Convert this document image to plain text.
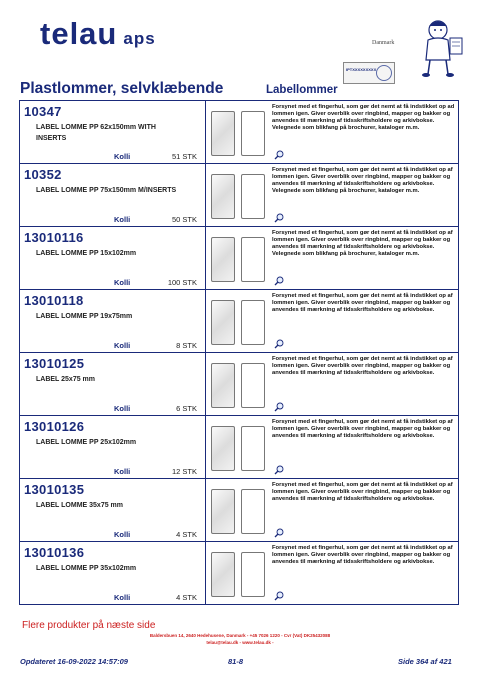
telau aps	Danmark
IPTXXXXXXXXX
Plastlommer, selvklæbende	Labellommer
10347
LABEL LOMME PP 62x150mm WITH INSERTS
Kolli	51 STK
Forsynet med et fingerhul, som gør det nemt at få indstikket op ad lommen igen. Giver overblik over ringbind, mapper og bakker og anvendes til mærkning af tidsskriftsholdere og arkivbokse. Velegnede som blikfang på brochurer, kataloger m.m.
10352
LABEL LOMME PP 75x150mm M/INSERTS
Kolli	50 STK
Forsynet med et fingerhul, som gør det nemt at få indstikket op af lommen igen. Giver overblik over ringbind, mapper og bakker og anvendes til mærkning af tidsskriftsholdere og arkivbokse. Velegnede som blikfang på brochurer, kataloger m.m.
13010116
LABEL LOMME PP 15x102mm
Kolli	100 STK
Forsynet med et fingerhul, som gør det nemt at få indstikket op af lommen igen. Giver overblik over ringbind, mapper og bakker og anvendes til mærkning af tidsskriftsholdere og arkivbokse. Velegnede som blikfang på brochurer, kataloger m.m.
13010118
LABEL LOMME PP 19x75mm
Kolli	8 STK
Forsynet med et fingerhul, som gør det nemt at få indstikket op af lommen igen. Giver overblik over ringbind, mapper og bakker og anvendes til mærkning af tidsskriftsholdere og arkivbokse.
13010125
LABEL 25x75 mm
Kolli	6 STK
Forsynet med et fingerhul, som gør det nemt at få indstikket op af lommen igen. Giver overblik over ringbind, mapper og bakker og anvendes til mærkning af tidsskriftsholdere og arkivbokse.
13010126
LABEL LOMME PP 25x102mm
Kolli	12 STK
Forsynet med et fingerhul, som gør det nemt at få indstikket op af lommen igen. Giver overblik over ringbind, mapper og bakker og anvendes til mærkning af tidsskriftsholdere og arkivbokse.
13010135
LABEL LOMME 35x75 mm
Kolli	4 STK
Forsynet med et fingerhul, som gør det nemt at få indstikket op af lommen igen. Giver overblik over ringbind, mapper og bakker og anvendes til mærkning af tidsskriftsholdere og arkivbokse.
13010136
LABEL LOMME PP 35x102mm
Kolli	4 STK
Forsynet med et fingerhul, som gør det nemt at få indstikket op af lommen igen. Giver overblik over ringbind, mapper og bakker og anvendes til mærkning af tidsskriftsholdere og arkivbokse.
Flere produkter på næste side
Baldersbuen 14, 2640 Hedehusene, Danmark - +45 7026 1220 - Cvr (Vat) DK25432088
telau@telau.dk - www.telau.dk -
Opdateret 16-09-2022 14:57:09	81-8	Side 364 af 421
